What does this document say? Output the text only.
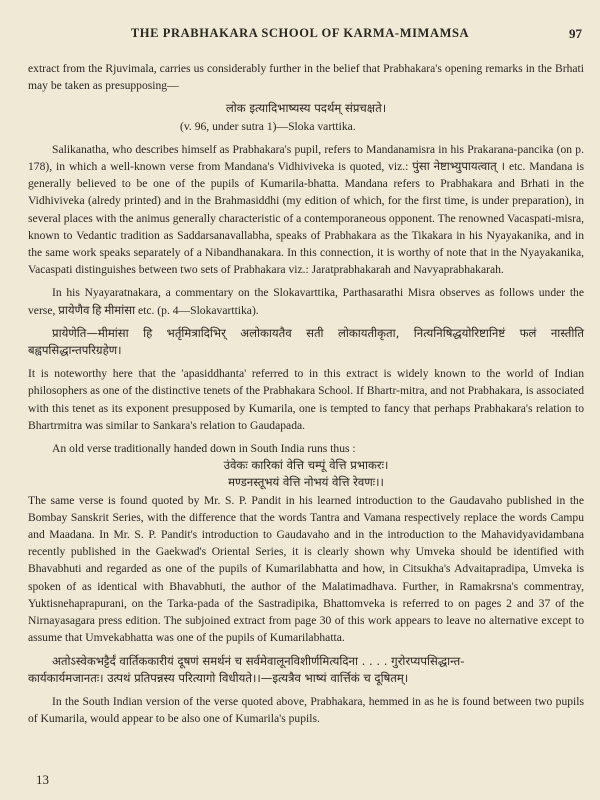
THE PRABHAKARA SCHOOL OF KARMA-MIMAMSA	97

extract from the Rjuvimala, carries us considerably further in the belief that Prabhakara's opening remarks in the Brhati may be taken as presupposing—

लोक इत्यादिभाष्यस्य पदर्थम् संप्रचक्षते।

(v. 96, under sutra 1)—Sloka varttika.

Salikanatha, who describes himself as Prabhakara's pupil, refers to Mandanamisra in his Prakarana-pancika (on p. 178), in which a well-known verse from Mandana's Vidhiviveka is quoted, viz.: पुंसा नेष्टाभ्युपायत्वात् । etc. Mandana is generally believed to be one of the pupils of Kumarila-bhatta. Mandana refers to Prabhakara and Brhati in the Vidhiviveka (alredy printed) and in the Brahmasiddhi (my edition of which, for the first time, is under preparation), in several places with the animus generally characteristic of a contemporaneous opponent. The renowned Vacaspati-misra, known to Vedantic tradition as Saddarsanavallabha, speaks of Prabhakara as the Tikakara in his Nyayakanika, and in the same work speaks separately of a Nibandhanakara. In this connection, it is worthy of note that in the Nyayakanika, Vacaspati distinguishes between two sets of Prabhakara viz.: Jaratprabhakarah and Navyaprabhakarah.

In his Nyayaratnakara, a commentary on the Slokavarttika, Parthasarathi Misra observes as follows under the verse, प्रायेणैव हि मीमांसा etc. (p. 4—Slokavarttika).

प्रायेणेति—मीमांसा हि भर्तृमित्रादिभिर् अलोकायतैव सती लोकायतीकृता, नित्यनिषिद्धयोरिष्टानिष्टं फलं नास्तीति बह्वपसिद्धान्तपरिग्रहेण।

It is noteworthy here that the 'apasiddhanta' referred to in this extract is widely known to the world of Indian philosophers as one of the distinctive tenets of the Prabhakara School. If Bhartr-mitra, and not Prabhakara, is associated with this tenet as its exponent presupposed by Kumarila, one is tempted to fancy that perhaps Prabhakara's relation to Bhartrmitra was similar to Sankara's relation to Gaudapada.

An old verse traditionally handed down in South India runs thus :

उंवेकः कारिकां वेत्ति चम्पूं वेत्ति प्रभाकरः।

मण्डनस्तूभयं वेत्ति नोभयं वेत्ति रेवणः।।

The same verse is found quoted by Mr. S. P. Pandit in his learned introduction to the Gaudavaho published in the Bombay Sanskrit Series, with the difference that the words Tantra and Vamana respectively replace the words Campu and Maadana. In Mr. S. P. Pandit's introduction to Gaudavaho and in the introduction to the Mahavidyavidambana recently published in the Gaekwad's Oriental Series, it is clearly shown why Umveka should be identified with Bhavabhuti and regarded as one of the pupils of Kumarilabhatta and how, in Citsukha's Advaitapradipa, Umveka is spoken of as identical with Bhavabhuti, the author of the Malatimadhava. Further, in Ramakrsna's commentray, Yuktisnehaprapurani, on the Tarka-pada of the Sastradipika, Bhattomveka is referred to on pages 2 and 37 of the Nirnayasagara press edition. The subjoined extract from page 30 of this work appears to leave no alternative except to assume that Umvekabhatta was one of the pupils of Kumarilabhatta.

अतोऽस्वेकभट्टैर्दं वार्तिककारीयं दूषणं समर्थनं च सर्वमेवालूनविशीर्णमित्यदिना . . . . गुरोरप्यपसिद्धान्त-

कार्यकार्यमजानतः। उत्पथं प्रतिपन्नस्य परित्यागो विधीयते।।—इत्यत्रैव भाष्यं वार्त्तिकं च दूषितम्।

In the South Indian version of the verse quoted above, Prabhakara, hemmed in as he is found between two pupils of Kumarila, would appear to be also one of Kumarila's pupils.

13
